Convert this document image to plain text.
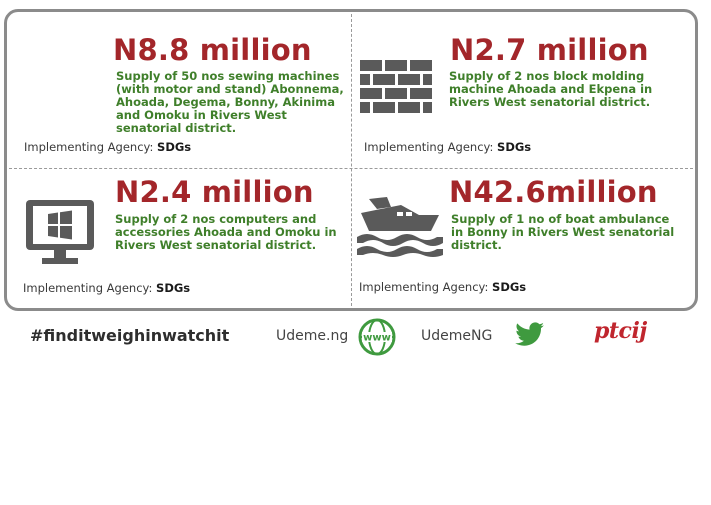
N8.8 million
Supply of 50 nos sewing machines (with motor and stand) Abonnema, Ahoada, Degema, Bonny, Akinima and Omoku in Rivers West senatorial district.
Implementing Agency: SDGs
N2.7 million
Supply of 2 nos block molding machine Ahoada and Ekpena in Rivers West senatorial district.
Implementing Agency: SDGs
N2.4 million
Supply of 2 nos computers and accessories Ahoada and Omoku in Rivers West senatorial district.
Implementing Agency: SDGs
N42.6million
Supply of 1 no of boat ambulance in Bonny in Rivers West senatorial district.
Implementing Agency: SDGs
#finditweighinwatchit	Udeme.ng www UdemeNG	ptcij
